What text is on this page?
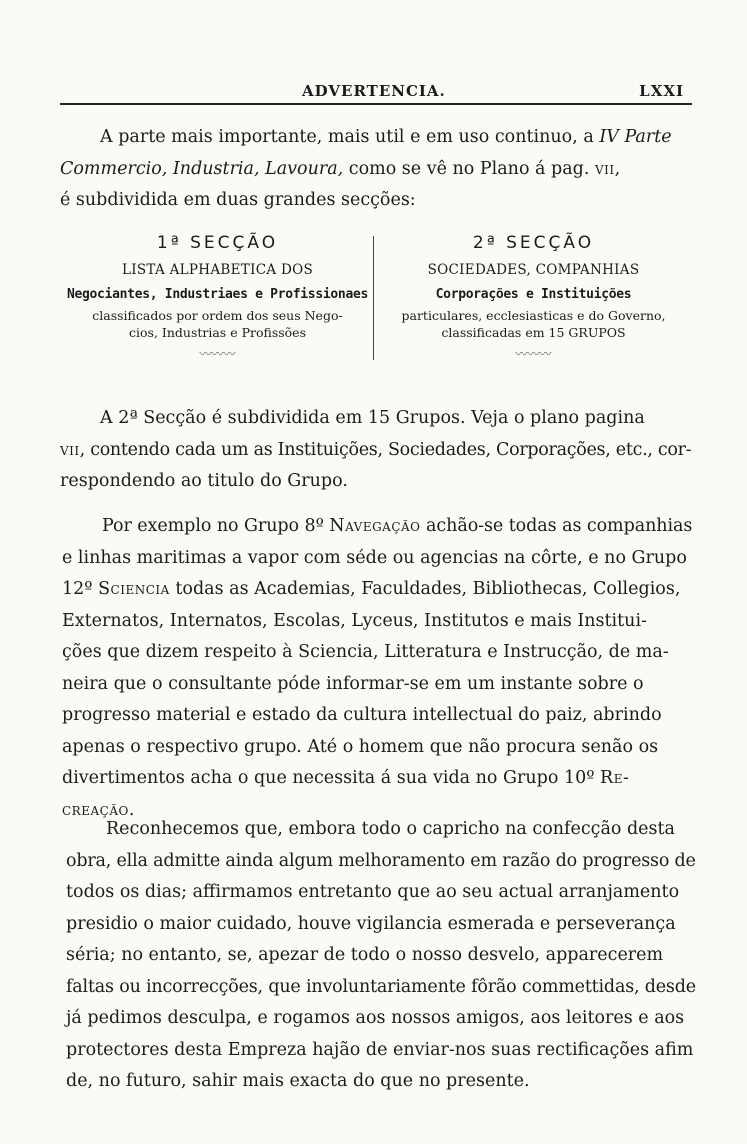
ADVERTENCIA.	LXXI

A parte mais importante, mais util e em uso continuo, a IV Parte
Commercio, Industria, Lavoura, como se vê no Plano á pag. vii,
é subdividida em duas grandes secções:

1ª SECÇÃO
LISTA ALPHABETICA DOS
Negociantes, Industriaes e Profissionaes
classificados por ordem dos seus Nego-
cios, Industrias e Profissões
〰〰〰
2ª SECÇÃO
SOCIEDADES, COMPANHIAS
Corporações e Instituições
particulares, ecclesiasticas e do Governo,
classificadas em 15 GRUPOS
〰〰〰

A 2ª Secção é subdividida em 15 Grupos. Veja o plano pagina
vii, contendo cada um as Instituições, Sociedades, Corporações, etc., cor-
respondendo ao titulo do Grupo.

Por exemplo no Grupo 8º Navegação achão-se todas as companhias
e linhas maritimas a vapor com séde ou agencias na côrte, e no Grupo
12º Sciencia todas as Academias, Faculdades, Bibliothecas, Collegios,
Externatos, Internatos, Escolas, Lyceus, Institutos e mais Institui-
ções que dizem respeito à Sciencia, Litteratura e Instrucção, de ma-
neira que o consultante póde informar-se em um instante sobre o
progresso material e estado da cultura intellectual do paiz, abrindo
apenas o respectivo grupo. Até o homem que não procura senão os
divertimentos acha o que necessita á sua vida no Grupo 10º Re-
creação.

Reconhecemos que, embora todo o capricho na confecção desta
obra, ella admitte ainda algum melhoramento em razão do progresso de
todos os dias; affirmamos entretanto que ao seu actual arranjamento
presidio o maior cuidado, houve vigilancia esmerada e perseverança
séria; no entanto, se, apezar de todo o nosso desvelo, apparecerem
faltas ou incorrecções, que involuntariamente fôrão commettidas, desde
já pedimos desculpa, e rogamos aos nossos amigos, aos leitores e aos
protectores desta Empreza hajão de enviar-nos suas rectificações afim
de, no futuro, sahir mais exacta do que no presente.
